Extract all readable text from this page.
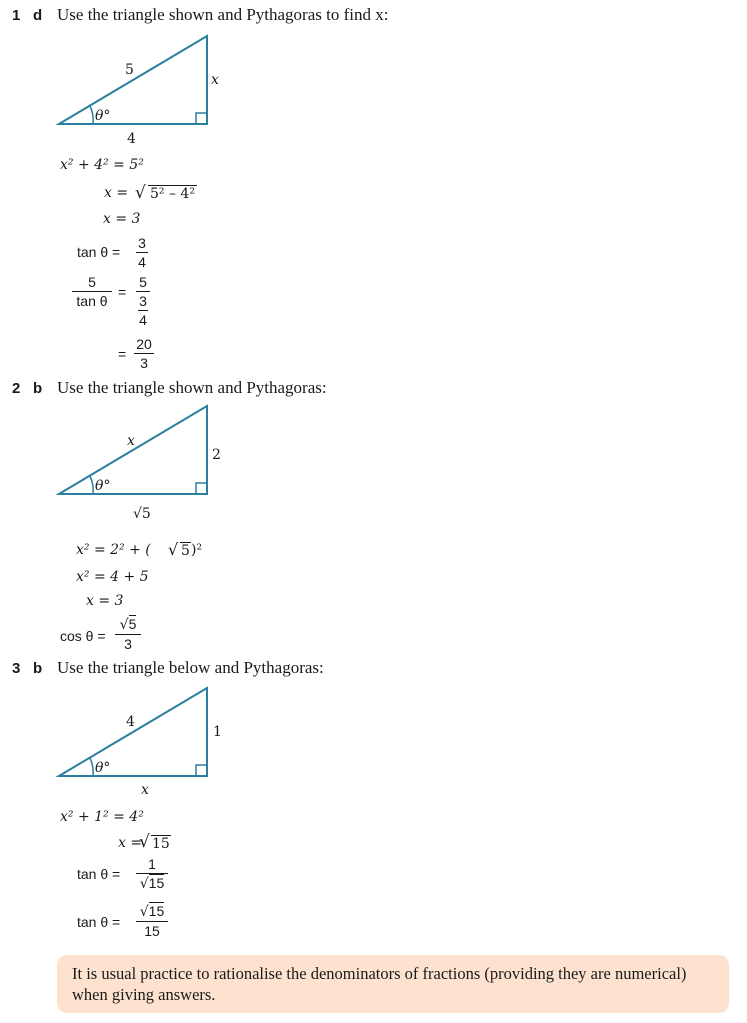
1 d Use the triangle shown and Pythagoras to find x:
5
x
4
θ°
x² + 4² = 5²
x = √ 5² – 4²
x = 3
tan θ =
3
4
5
tan θ
=
5
3
4
=
20
3
2 b Use the triangle shown and Pythagoras:
x
2
√5
θ°
x² = 2² + ( √ 5 )²
x² = 4 + 5
x = 3
cos θ =
√5
3
3 b Use the triangle below and Pythagoras:
4
1
x
θ°
x² + 1² = 4²
x =
√ 15
tan θ =
1
√15
tan θ =
√15
15
It is usual practice to rationalise the denominators of fractions (providing they are numerical) when giving answers.
